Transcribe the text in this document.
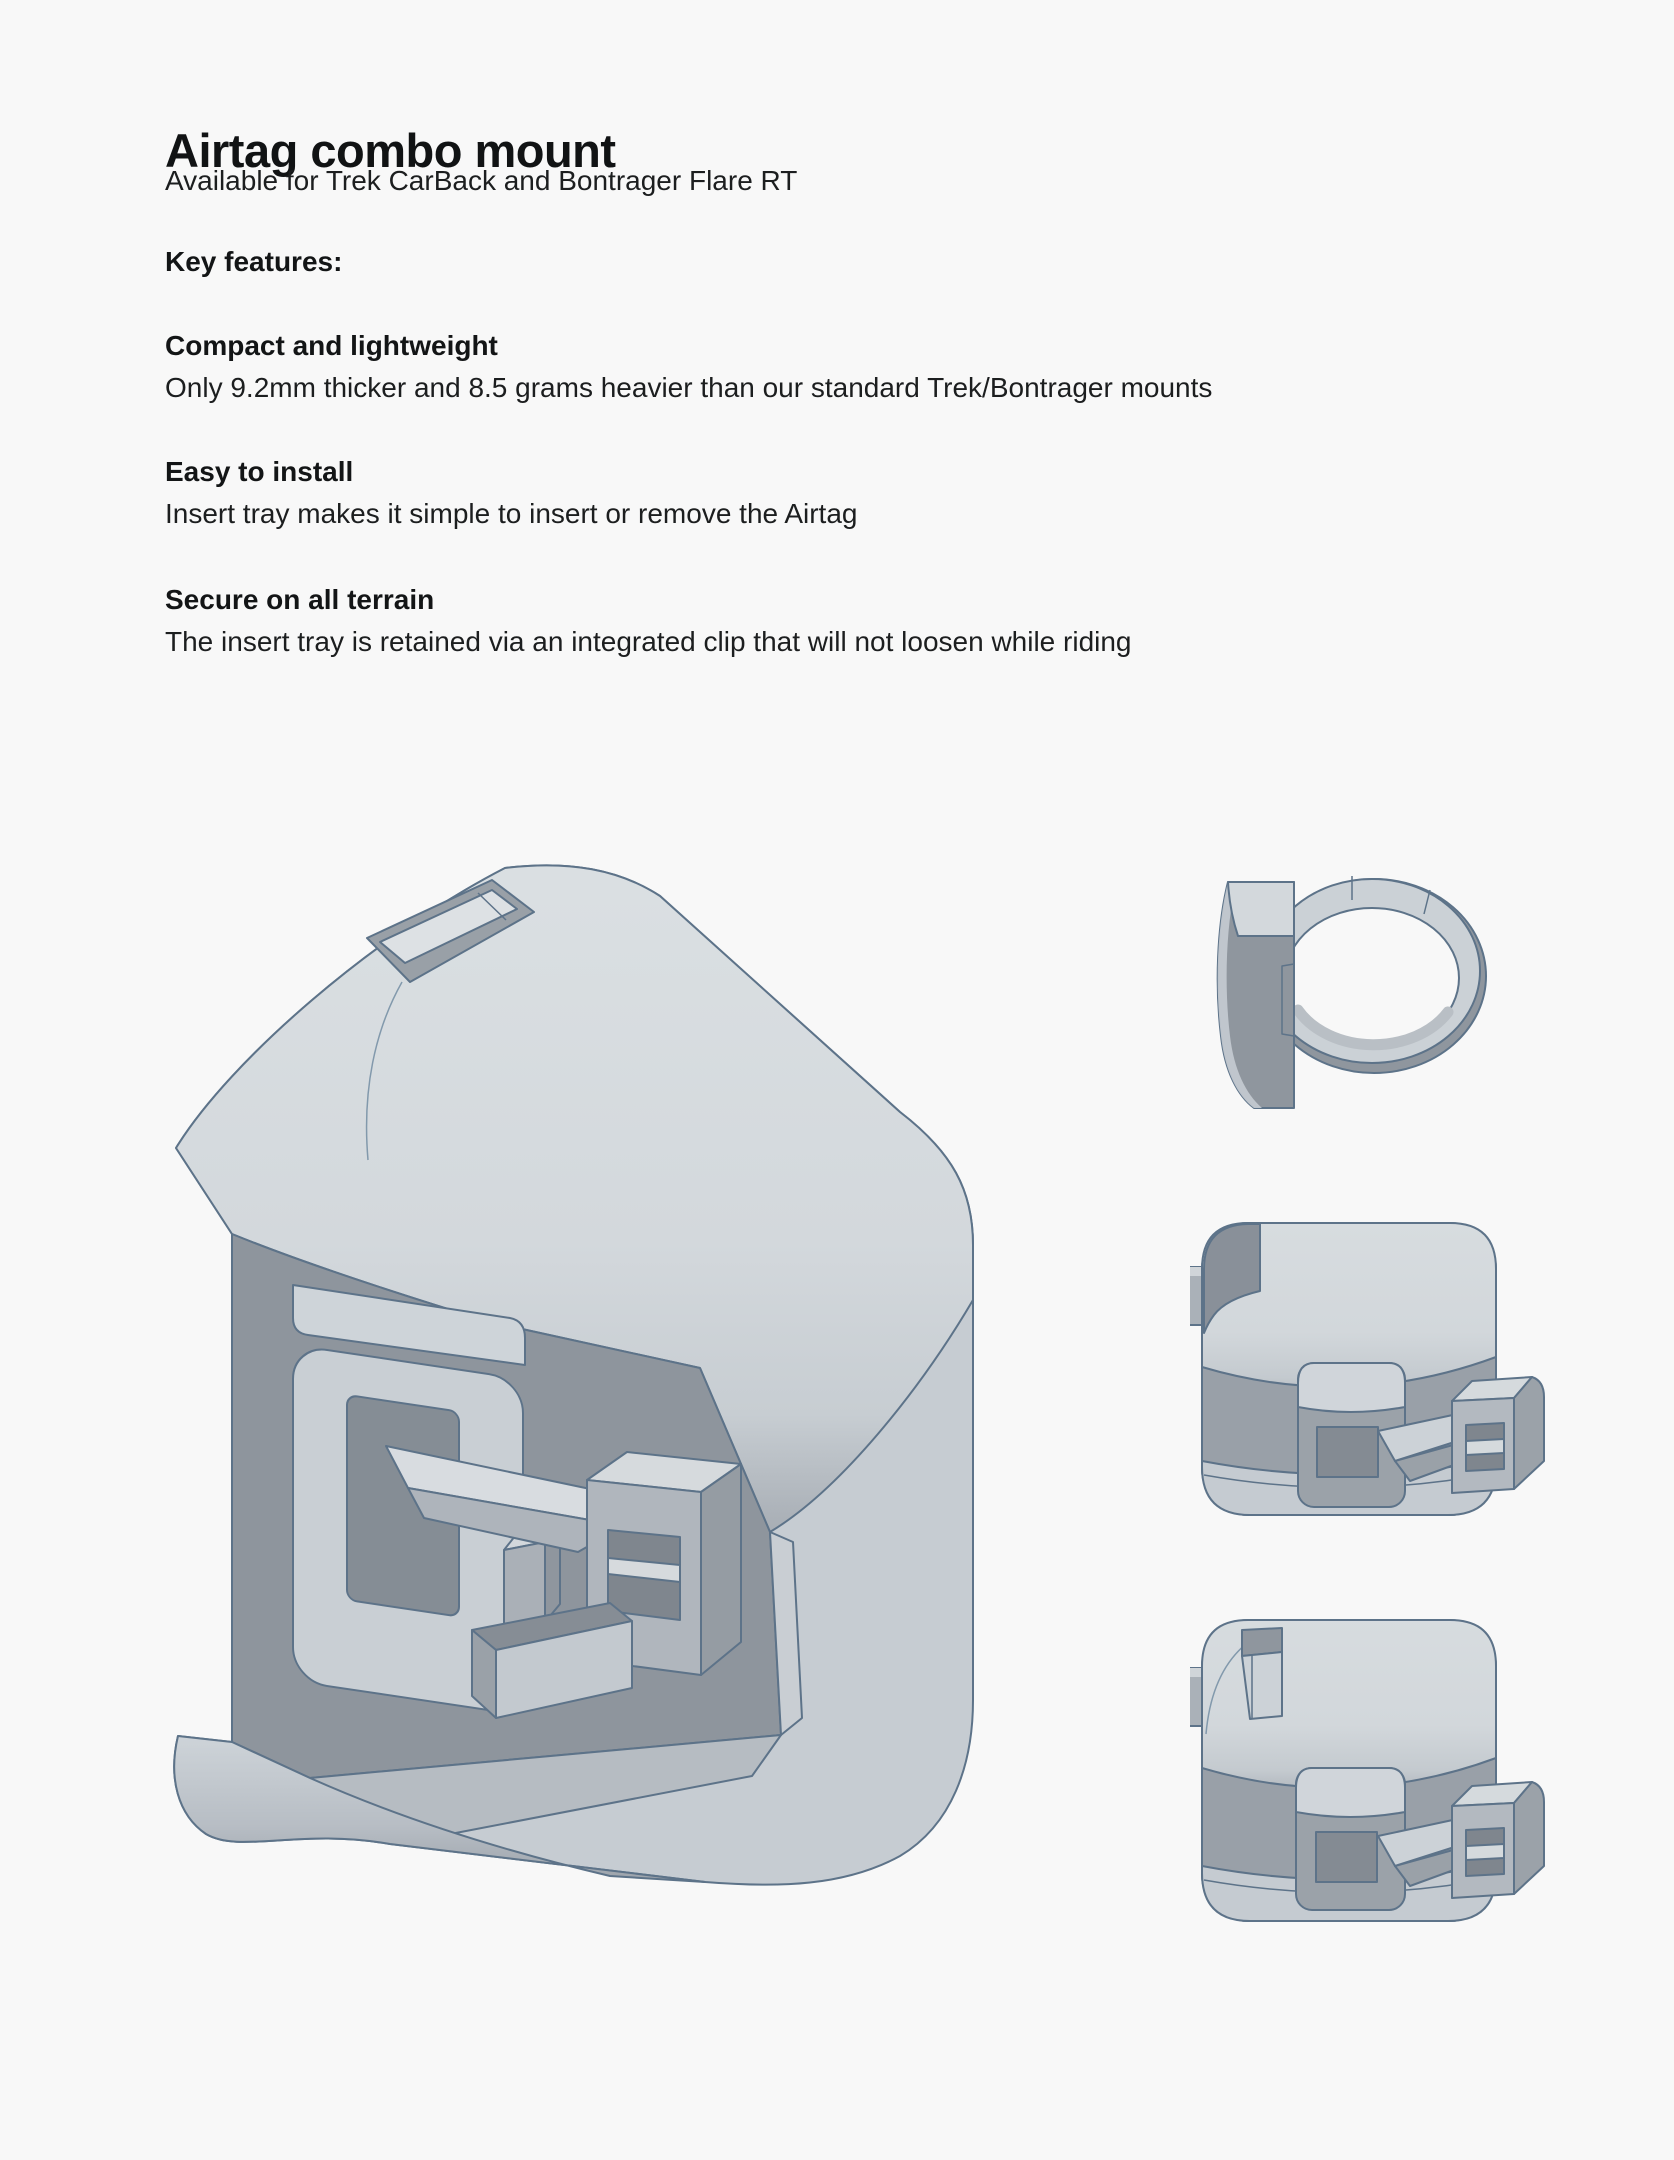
Airtag combo mount
Available for Trek CarBack and Bontrager Flare RT
Key features:
Compact and lightweight
Only 9.2mm thicker and 8.5 grams heavier than our standard Trek/Bontrager mounts
Easy to install
Insert tray makes it simple to insert or remove the Airtag
Secure on all terrain
The insert tray is retained via an integrated clip that will not loosen while riding
